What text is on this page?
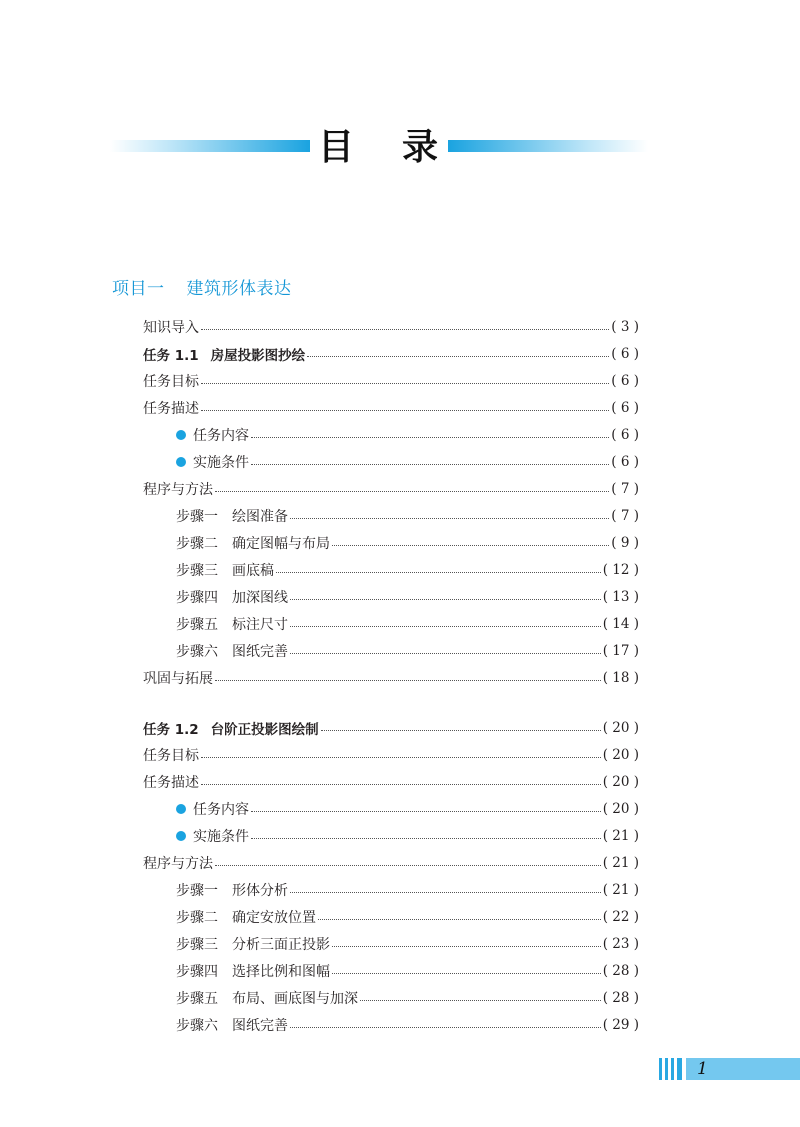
目 录
项目一 建筑形体表达
知识导入	( 3 )
任务 1.1 房屋投影图抄绘	( 6 )
任务目标	( 6 )
任务描述	( 6 )
任务内容	( 6 )
实施条件	( 6 )
程序与方法	( 7 )
步骤一 绘图准备	( 7 )
步骤二 确定图幅与布局	( 9 )
步骤三 画底稿	( 12 )
步骤四 加深图线	( 13 )
步骤五 标注尺寸	( 14 )
步骤六 图纸完善	( 17 )
巩固与拓展	( 18 )
任务 1.2 台阶正投影图绘制	( 20 )
任务目标	( 20 )
任务描述	( 20 )
任务内容	( 20 )
实施条件	( 21 )
程序与方法	( 21 )
步骤一 形体分析	( 21 )
步骤二 确定安放位置	( 22 )
步骤三 分析三面正投影	( 23 )
步骤四 选择比例和图幅	( 28 )
步骤五 布局、画底图与加深	( 28 )
步骤六 图纸完善	( 29 )
1
